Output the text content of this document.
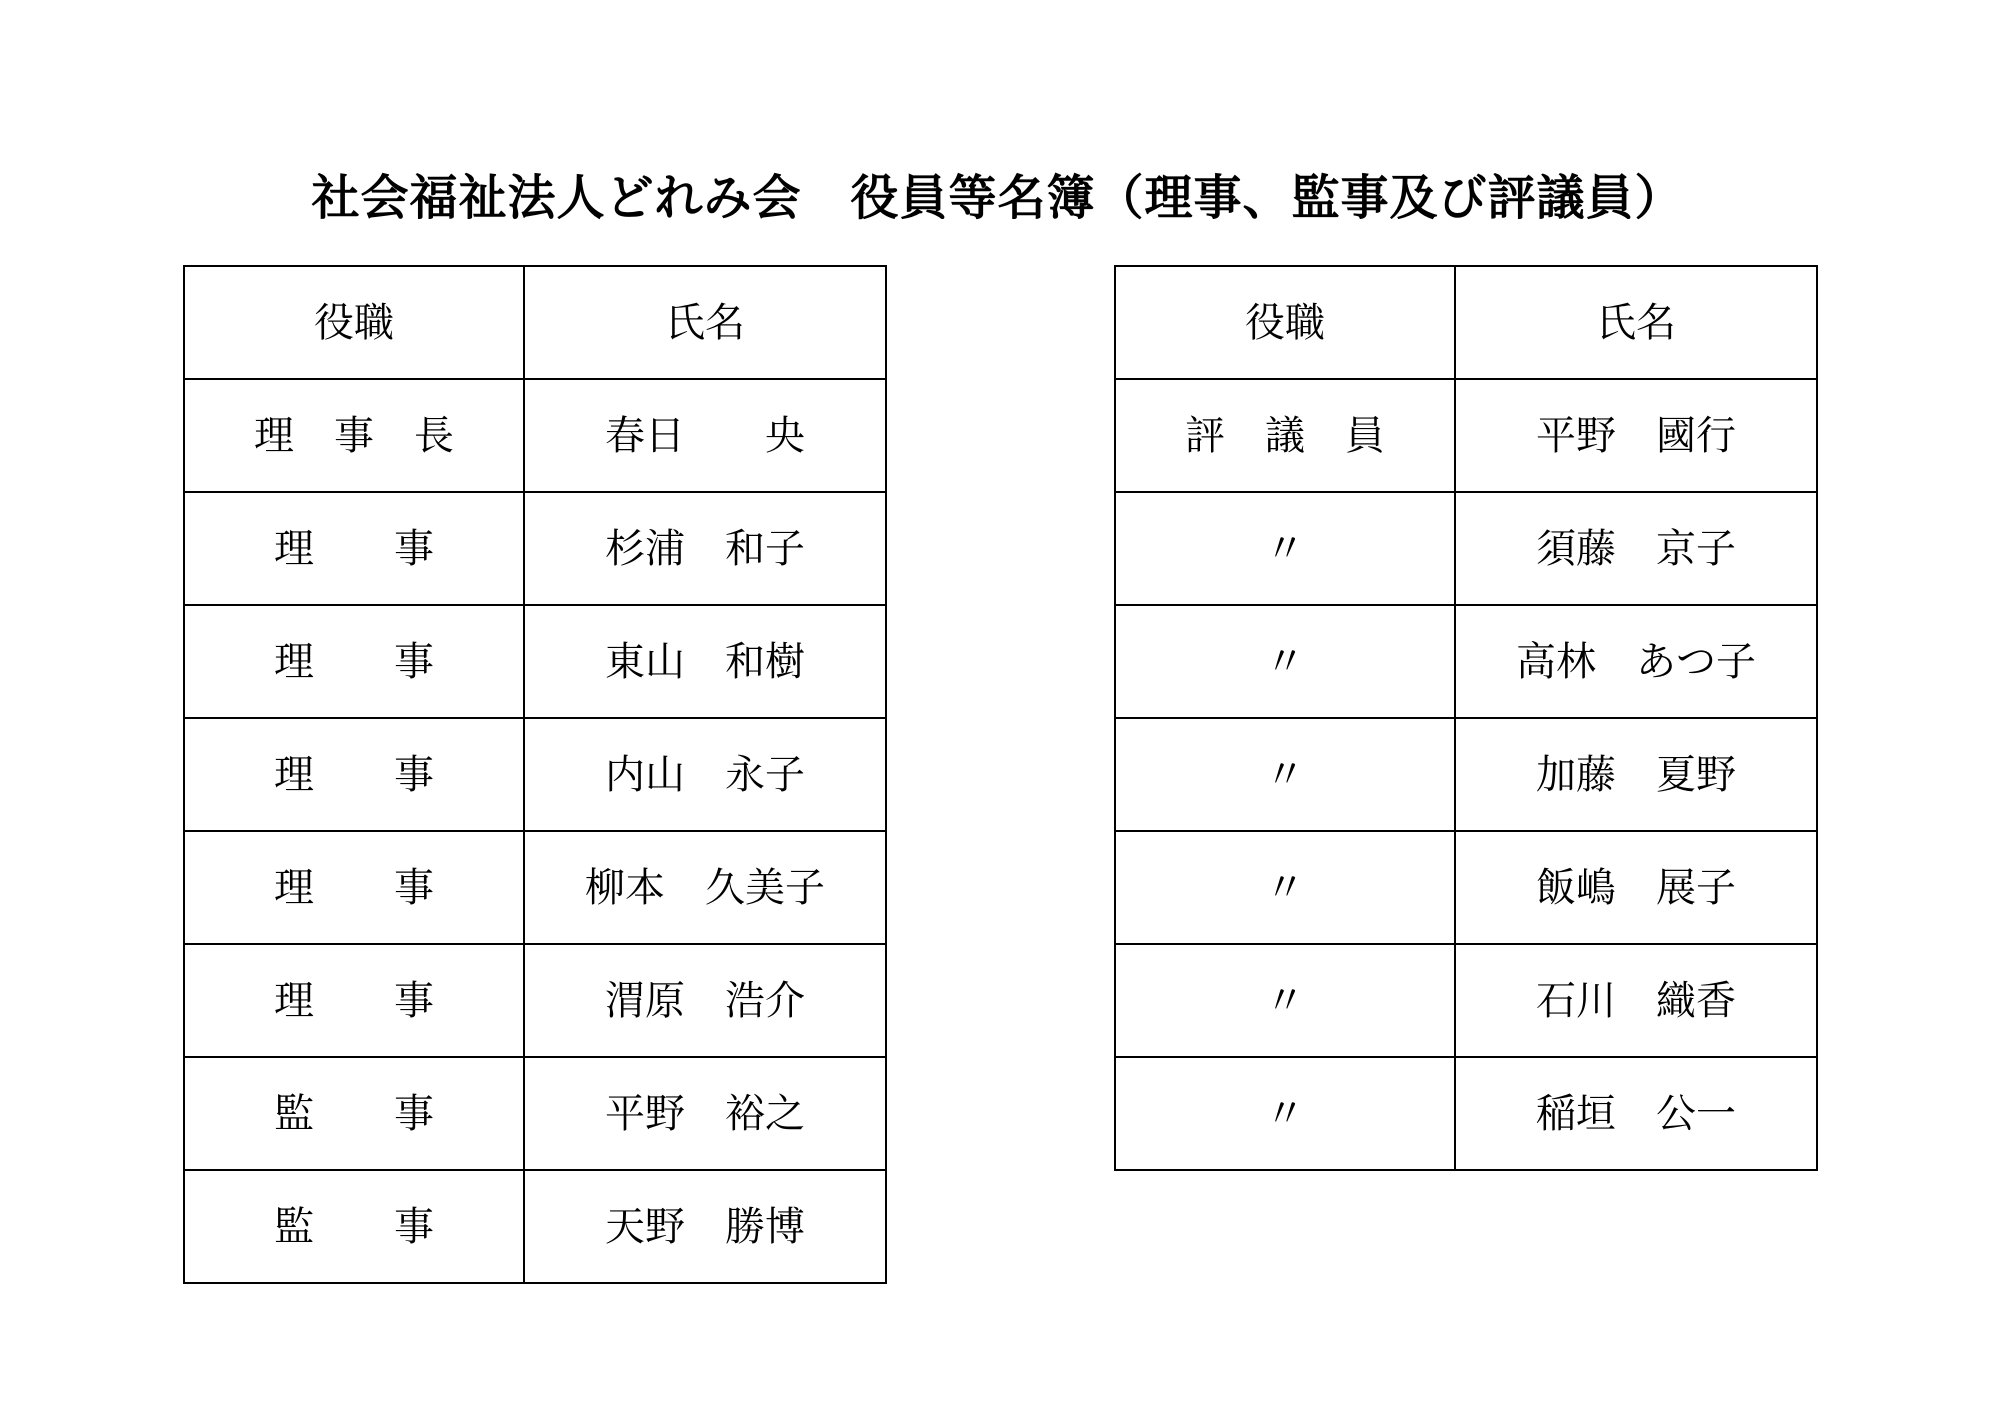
社会福祉法人どれみ会　役員等名簿（理事、監事及び評議員）
役職	氏名
理　事　長	春日　　央
理　　事	杉浦　和子
理　　事	東山　和樹
理　　事	内山　永子
理　　事	柳本　久美子
理　　事	渭原　浩介
監　　事	平野　裕之
監　　事	天野　勝博
役職	氏名
評　議　員	平野　國行
〃	須藤　京子
〃	高林　あつ子
〃	加藤　夏野
〃	飯嶋　展子
〃	石川　織香
〃	稲垣　公一
